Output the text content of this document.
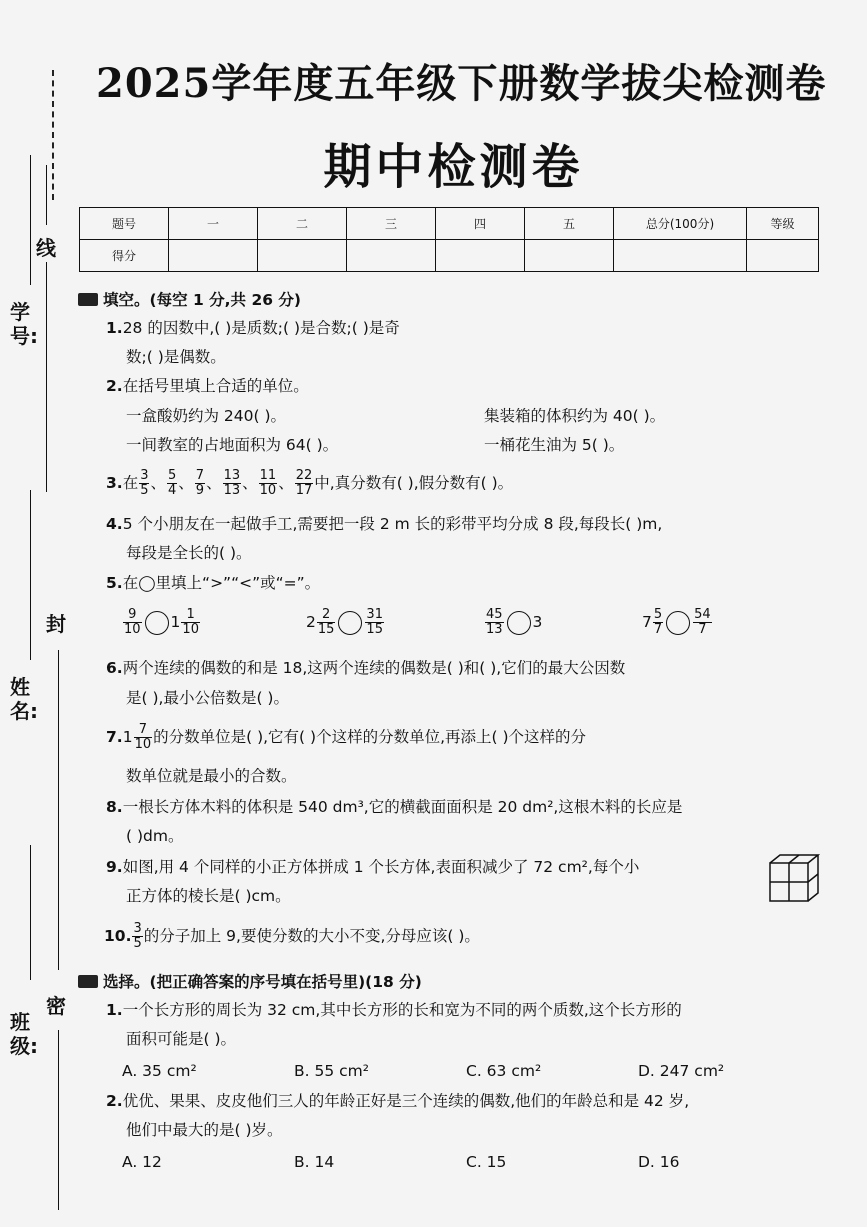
线
学号:
封
姓名:
密
班级:
2025学年度五年级下册数学拔尖检测卷
期中检测卷
题号	一	二	三	四	五	总分(100分)	等级
得分							
填空。(每空 1 分,共 26 分)
1.28 的因数中,( )是质数;( )是合数;( )是奇
数;( )是偶数。
2.在括号里填上合适的单位。
一盒酸奶约为 240( )。	集装箱的体积约为 40( )。
一间教室的占地面积为 64( )。	一桶花生油为 5( )。
3.在 $\frac{3}{5}$ 、 $\frac{5}{4}$ 、 $\frac{7}{9}$ 、 $\frac{13}{13}$ 、 $\frac{11}{10}$ 、 $\frac{22}{17}$ 中,真分数有( ),假分数有( )。
4.5 个小朋友在一起做手工,需要把一段 2 m 长的彩带平均分成 8 段,每段长( )m,
每段是全长的( )。
5.在◯里填上“>”“<”或“=”。
$\frac{9}{10} 1 \frac{1}{10}$	$2 \frac{2}{15} \frac{31}{15}$	$\frac{45}{13} 3$	$7 \frac{5}{7} \frac{54}{7}$
6.两个连续的偶数的和是 18,这两个连续的偶数是( )和( ),它们的最大公因数
是( ),最小公倍数是( )。
$7.1 \frac{7}{10}$ 的分数单位是( ),它有( )个这样的分数单位,再添上( )个这样的分
数单位就是最小的合数。
8.一根长方体木料的体积是 540 dm³,它的横截面面积是 20 dm²,这根木料的长应是
( )dm。
9.如图,用 4 个同样的小正方体拼成 1 个长方体,表面积减少了 72 cm²,每个小
正方体的棱长是( )cm。
10. $\frac{3}{5}$ 的分子加上 9,要使分数的大小不变,分母应该( )。
选择。(把正确答案的序号填在括号里)(18 分)
1.一个长方形的周长为 32 cm,其中长方形的长和宽为不同的两个质数,这个长方形的
面积可能是( )。
A. 35 cm²	B. 55 cm²	C. 63 cm²	D. 247 cm²
2.优优、果果、皮皮他们三人的年龄正好是三个连续的偶数,他们的年龄总和是 42 岁,
他们中最大的是( )岁。
A. 12	B. 14	C. 15	D. 16
